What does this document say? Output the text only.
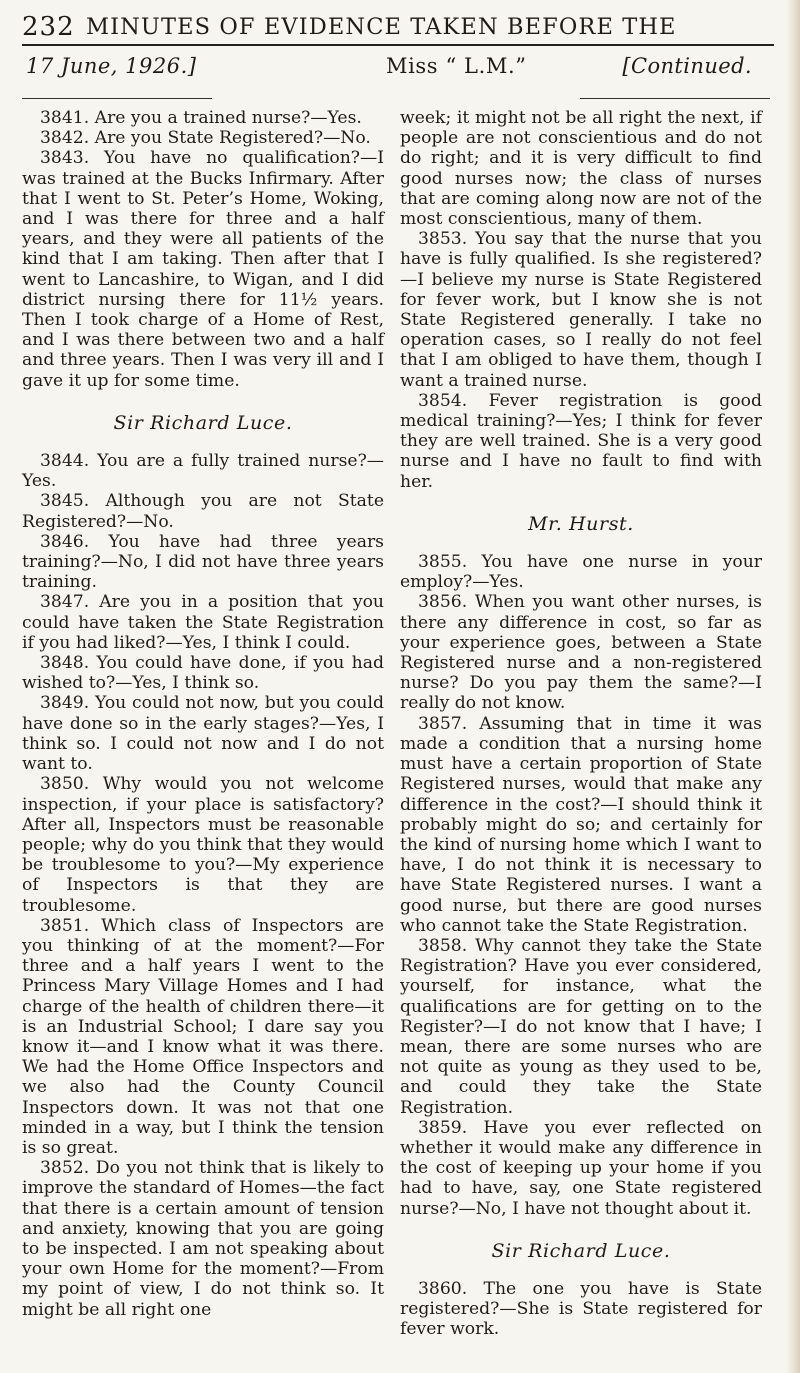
232 MINUTES OF EVIDENCE TAKEN BEFORE THE
17 June, 1926.]	Miss “ L.M.”	[Continued.

3841. Are you a trained nurse?—Yes.

3842. Are you State Registered?—No.

3843. You have no qualification?—I was trained at the Bucks Infirmary. After that I went to St. Peter’s Home, Woking, and I was there for three and a half years, and they were all patients of the kind that I am taking. Then after that I went to Lancashire, to Wigan, and I did district nursing there for 11½ years. Then I took charge of a Home of Rest, and I was there between two and a half and three years. Then I was very ill and I gave it up for some time.

Sir Richard Luce.

3844. You are a fully trained nurse?—Yes.

3845. Although you are not State Registered?—No.

3846. You have had three years training?—No, I did not have three years training.

3847. Are you in a position that you could have taken the State Registration if you had liked?—Yes, I think I could.

3848. You could have done, if you had wished to?—Yes, I think so.

3849. You could not now, but you could have done so in the early stages?—Yes, I think so. I could not now and I do not want to.

3850. Why would you not welcome inspection, if your place is satisfactory? After all, Inspectors must be reasonable people; why do you think that they would be troublesome to you?—My experience of Inspectors is that they are troublesome.

3851. Which class of Inspectors are you thinking of at the moment?—For three and a half years I went to the Princess Mary Village Homes and I had charge of the health of children there—it is an Industrial School; I dare say you know it—and I know what it was there. We had the Home Office Inspectors and we also had the County Council Inspectors down. It was not that one minded in a way, but I think the tension is so great.

3852. Do you not think that is likely to improve the standard of Homes—the fact that there is a certain amount of tension and anxiety, knowing that you are going to be inspected. I am not speaking about your own Home for the moment?—From my point of view, I do not think so. It might be all right one

week; it might not be all right the next, if people are not conscientious and do not do right; and it is very difficult to find good nurses now; the class of nurses that are coming along now are not of the most conscientious, many of them.

3853. You say that the nurse that you have is fully qualified. Is she registered?—I believe my nurse is State Registered for fever work, but I know she is not State Registered generally. I take no operation cases, so I really do not feel that I am obliged to have them, though I want a trained nurse.

3854. Fever registration is good medical training?—Yes; I think for fever they are well trained. She is a very good nurse and I have no fault to find with her.

Mr. Hurst.

3855. You have one nurse in your employ?—Yes.

3856. When you want other nurses, is there any difference in cost, so far as your experience goes, between a State Registered nurse and a non-registered nurse? Do you pay them the same?—I really do not know.

3857. Assuming that in time it was made a condition that a nursing home must have a certain proportion of State Registered nurses, would that make any difference in the cost?—I should think it probably might do so; and certainly for the kind of nursing home which I want to have, I do not think it is necessary to have State Registered nurses. I want a good nurse, but there are good nurses who cannot take the State Registration.

3858. Why cannot they take the State Registration? Have you ever considered, yourself, for instance, what the qualifications are for getting on to the Register?—I do not know that I have; I mean, there are some nurses who are not quite as young as they used to be, and could they take the State Registration.

3859. Have you ever reflected on whether it would make any difference in the cost of keeping up your home if you had to have, say, one State registered nurse?—No, I have not thought about it.

Sir Richard Luce.

3860. The one you have is State registered?—She is State registered for fever work.
